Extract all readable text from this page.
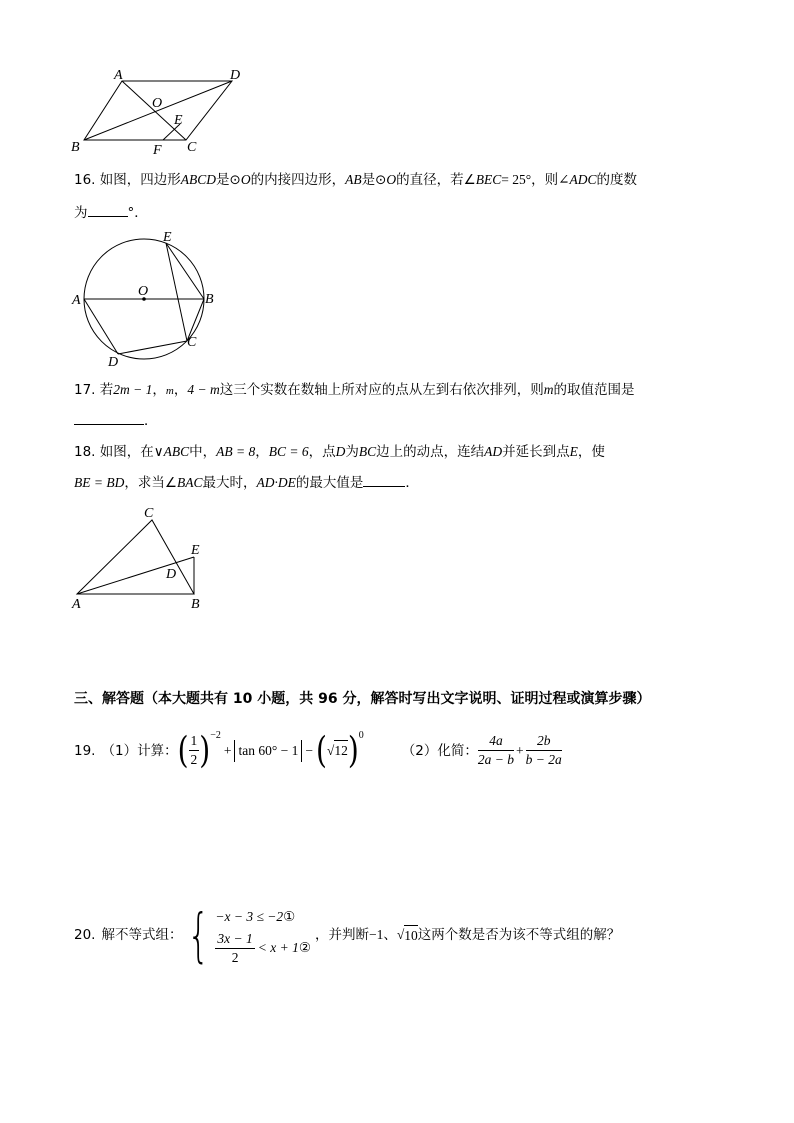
A	D
O
E
B	F C
16. 如图，四边形ABCD是⊙O的内接四边形，AB是⊙O的直径，若∠BEC= 25°，则∠ADC的度数
为	°．
E
A
O
B
C
D
17. 若2m − 1，m，4 − m这三个实数在数轴上所对应的点从左到右依次排列，则m的取值范围是
．
18. 如图，在∨ABC中，AB = 8，BC = 6，点D为BC边上的动点，连结AD并延长到点E，使
BE = BD，求当∠BAC最大时，AD·DE的最大值是	．
C
E
D
A	B
三、解答题（本大题共有 10 小题，共 96 分，解答时写出文字说明、证明过程或演算步骤）
19. （1）计算： ( $\frac{1}{2}$ ) −2
+ tan 60° − 1 − ( √ 12 ) 0
（2）化简： $\frac{4a}{2a - b} + \frac{2b}{b - 2a}$
20. 解不等式组： { −x − 3 ≤ −2①
$\frac{3x - 1}{2} < x + 1$ ②
，并判断 −1 、 √ 10 这两个数是否为该不等式组的解？
